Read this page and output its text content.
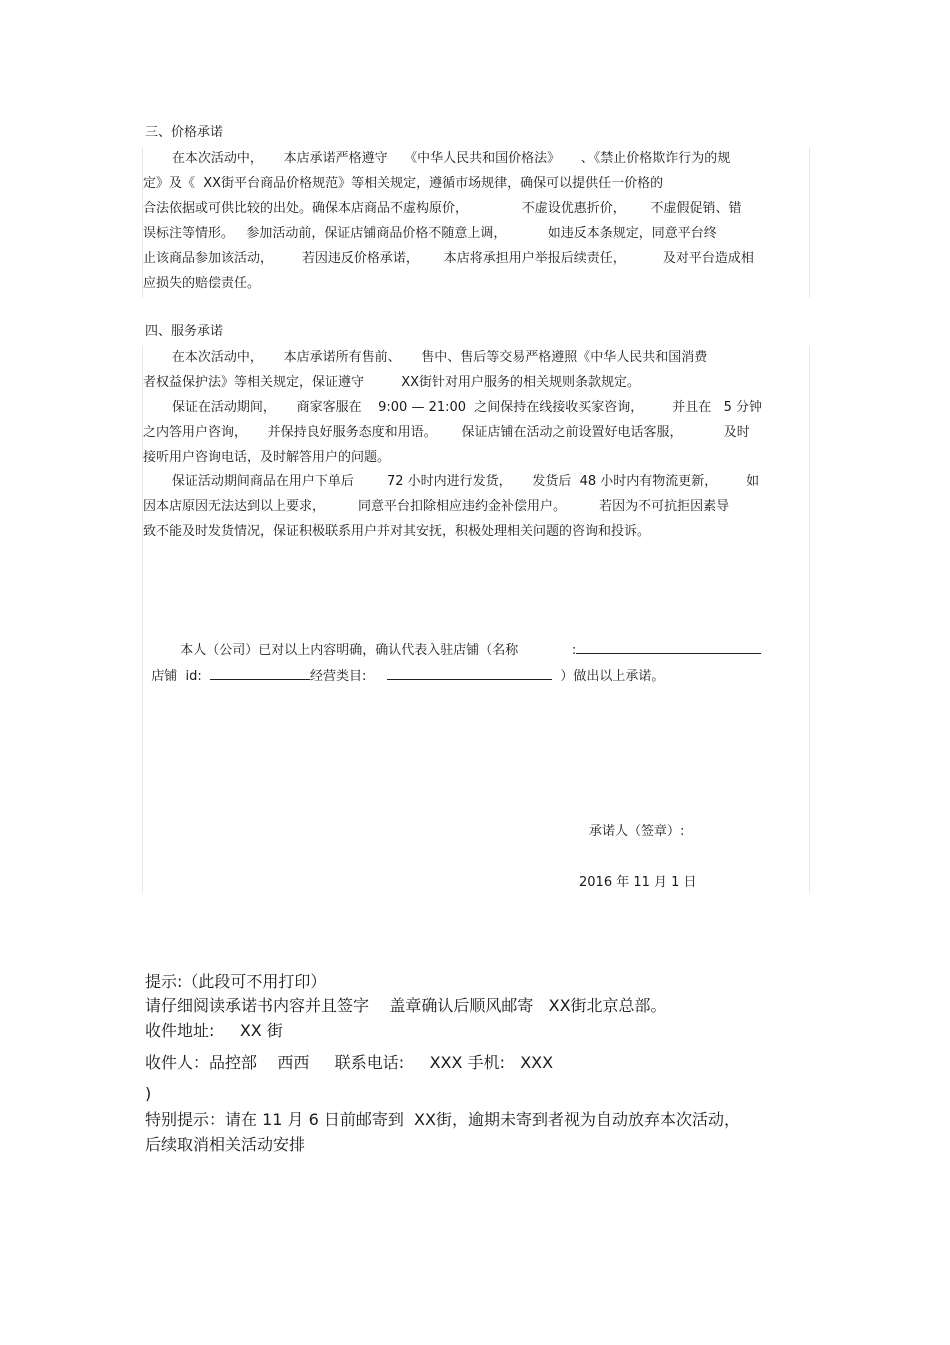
三、价格承诺
在本次活动中，     本店承诺严格遵守    《中华人民共和国价格法》     、《禁止价格欺诈行为的规
定》及《  XX街平台商品价格规范》等相关规定，遵循市场规律，确保可以提供任一价格的
合法依据或可供比较的出处。确保本店商品不虚构原价，             不虚设优惠折价，      不虚假促销、错
误标注等情形。   参加活动前，保证店铺商品价格不随意上调，          如违反本条规定，同意平台终
止该商品参加该活动，       若因违反价格承诺，      本店将承担用户举报后续责任，         及对平台造成相
应损失的赔偿责任。
四、服务承诺
在本次活动中，     本店承诺所有售前、     售中、售后等交易严格遵照《中华人民共和国消费
者权益保护法》等相关规定，保证遵守         XX街针对用户服务的相关规则条款规定。
保证在活动期间，     商家客服在    9:00 — 21:00  之间保持在线接收买家咨询，       并且在   5 分钟
之内答用户咨询，     并保持良好服务态度和用语。      保证店铺在活动之前设置好电话客服，          及时
接听用户咨询电话，及时解答用户的问题。
保证活动期间商品在用户下单后        72 小时内进行发货，     发货后  48 小时内有物流更新，       如
因本店原因无法达到以上要求，        同意平台扣除相应违约金补偿用户。        若因为不可抗拒因素导
致不能及时发货情况，保证积极联系用户并对其安抚，积极处理相关问题的咨询和投诉。

本人（公司）已对以上内容明确，确认代表入驻店铺（名称             :

店铺  id:	经营类目:	）做出以上承诺。

承诺人（签章）:
2016 年 11 月 1 日
提示:（此段可不用打印）
请仔细阅读承诺书内容并且签字    盖章确认后顺风邮寄   XX街北京总部。
收件地址:     XX 街
收件人：品控部    西西     联系电话:     XXX 手机:   XXX
)
特别提示：请在 11 月 6 日前邮寄到  XX街，逾期未寄到者视为自动放弃本次活动，
后续取消相关活动安排
